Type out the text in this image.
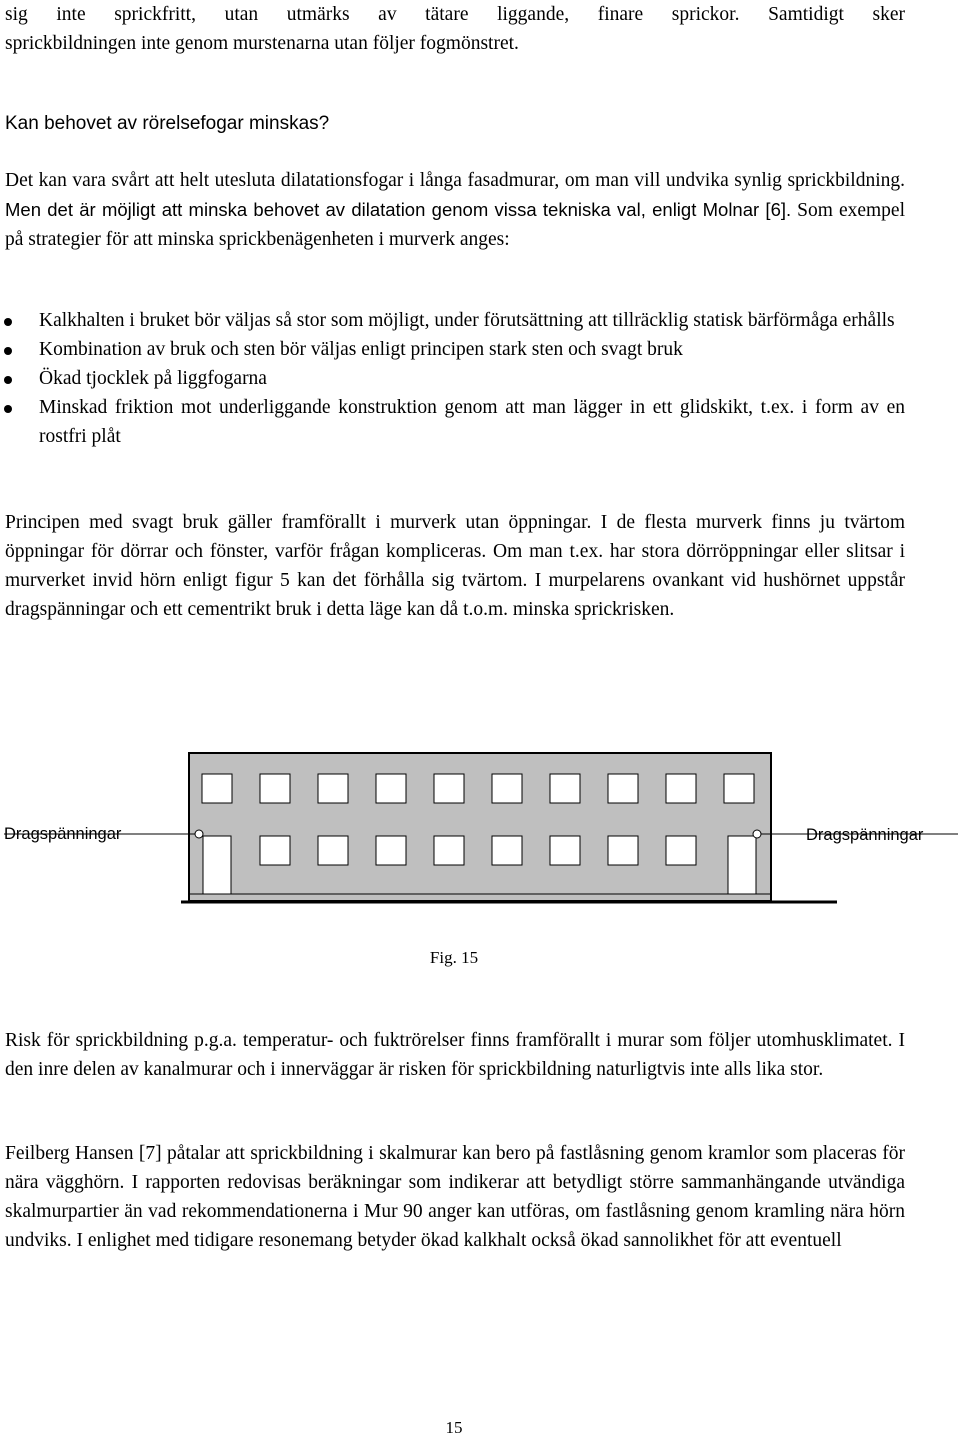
sig inte sprickfritt, utan utmärks av tätare liggande, finare sprickor. Samtidigt sker
sprickbildningen inte genom murstenarna utan följer fogmönstret.

Kan behovet av rörelsefogar minskas?

Det kan vara svårt att helt utesluta dilatationsfogar i långa fasadmurar, om man vill undvika synlig sprickbildning. Men det är möjligt att minska behovet av dilatation genom vissa tekniska val, enligt Molnar [6]. Som exempel på strategier för att minska sprickbenägenheten i murverk anges:

Kalkhalten i bruket bör väljas så stor som möjligt, under förutsättning att tillräcklig statisk bärförmåga erhålls
Kombination av bruk och sten bör väljas enligt principen stark sten och svagt bruk
Ökad tjocklek på liggfogarna
Minskad friktion mot underliggande konstruktion genom att man lägger in ett glidskikt, t.ex. i form av en rostfri plåt

Principen med svagt bruk gäller framförallt i murverk utan öppningar. I de flesta murverk finns ju tvärtom öppningar för dörrar och fönster, varför frågan kompliceras. Om man t.ex. har stora dörröppningar eller slitsar i murverket invid hörn enligt figur 5 kan det förhålla sig tvärtom. I murpelarens ovankant vid hushörnet uppstår dragspänningar och ett cementrikt bruk i detta läge kan då t.o.m. minska sprickrisken.

Dragspänningar	Dragspänningar

Fig. 15

Risk för sprickbildning p.g.a. temperatur- och fuktrörelser finns framförallt i murar som följer utomhusklimatet. I den inre delen av kanalmurar och i innerväggar är risken för sprickbildning naturligtvis inte alls lika stor.

Feilberg Hansen [7] påtalar att sprickbildning i skalmurar kan bero på fastlåsning genom kramlor som placeras för nära vägghörn. I rapporten redovisas beräkningar som indikerar att betydligt större sammanhängande utvändiga skalmurpartier än vad rekommendationerna i Mur 90 anger kan utföras, om fastlåsning genom kramling nära hörn undviks. I enlighet med tidigare resonemang betyder ökad kalkhalt också ökad sannolikhet för att eventuell

15
